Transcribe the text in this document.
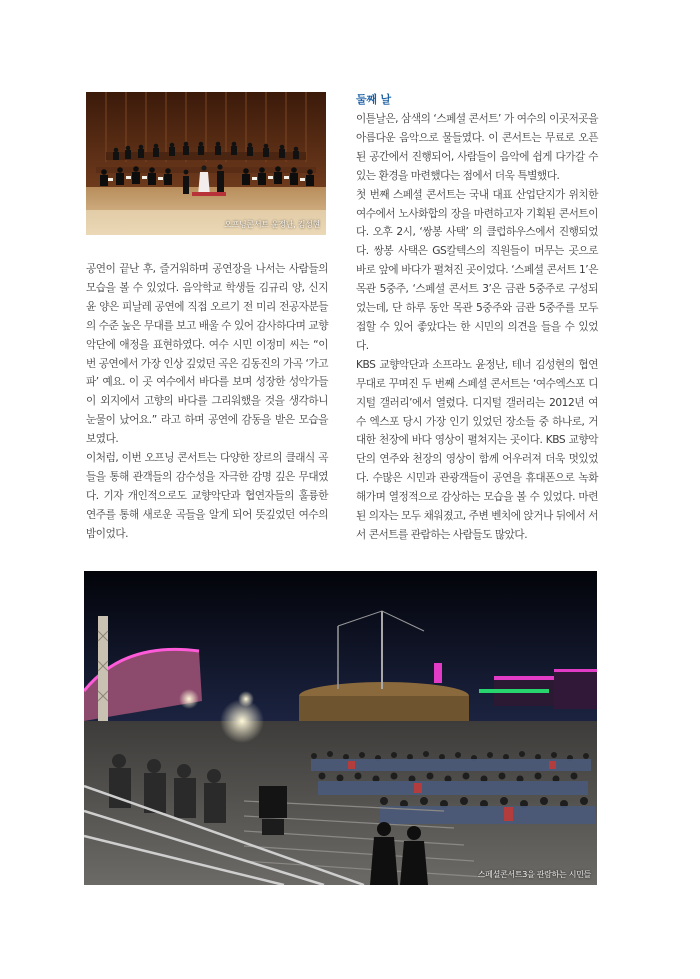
오프닝콘서트 윤정난, 김성현

공연이 끝난 후, 즐거워하며 공연장을 나서는 사람들의 모습을 볼 수 있었다. 음악학교 학생들 김규리 양, 신지윤 양은 피날레 공연에 직접 오르기 전 미리 전공자분들의 수준 높은 무대를 보고 배울 수 있어 감사하다며 교향악단에 애정을 표현하였다. 여수 시민 이정미 씨는 “이번 공연에서 가장 인상 깊었던 곡은 김동진의 가곡 ‘가고파’ 예요. 이 곳 여수에서 바다를 보며 성장한 성악가들이 외지에서 고향의 바다를 그리워했을 것을 생각하니 눈물이 났어요.” 라고 하며 공연에 감동을 받은 모습을 보였다.

이처럼, 이번 오프닝 콘서트는 다양한 장르의 클래식 곡들을 통해 관객들의 감수성을 자극한 감명 깊은 무대였다. 기자 개인적으로도 교향악단과 협연자들의 훌륭한 연주를 통해 새로운 곡들을 알게 되어 뜻깊었던 여수의 밤이었다.

둘째 날

이튿날은, 삼색의 ‘스페셜 콘서트’ 가 여수의 이곳저곳을 아름다운 음악으로 물들였다. 이 콘서트는 무료로 오픈된 공간에서 진행되어, 사람들이 음악에 쉽게 다가갈 수 있는 환경을 마련했다는 점에서 더욱 특별했다.

첫 번째 스페셜 콘서트는 국내 대표 산업단지가 위치한 여수에서 노사화합의 장을 마련하고자 기획된 콘서트이다. 오후 2시, ‘쌍봉 사택’ 의 클럽하우스에서 진행되었다. 쌍봉 사택은 GS칼텍스의 직원들이 머무는 곳으로 바로 앞에 바다가 펼쳐진 곳이었다. ‘스페셜 콘서트 1’은 목관 5중주, ‘스페셜 콘서트 3’은 금관 5중주로 구성되었는데, 단 하루 동안 목관 5중주와 금관 5중주를 모두 접할 수 있어 좋았다는 한 시민의 의견을 들을 수 있었다.

KBS 교향악단과 소프라노 윤정난, 테너 김성현의 협연무대로 꾸며진 두 번째 스페셜 콘서트는 ‘여수엑스포 디지털 갤러리’에서 열렸다. 디지털 갤러리는 2012년 여수 엑스포 당시 가장 인기 있었던 장소들 중 하나로, 거대한 천장에 바다 영상이 펼쳐지는 곳이다. KBS 교향악단의 연주와 천장의 영상이 함께 어우러져 더욱 멋있었다. 수많은 시민과 관광객들이 공연을 휴대폰으로 녹화해가며 열정적으로 감상하는 모습을 볼 수 있었다. 마련된 의자는 모두 채워졌고, 주변 벤치에 앉거나 뒤에서 서서 콘서트를 관람하는 사람들도 많았다.

스페셜콘서트3을 관람하는 시민들
